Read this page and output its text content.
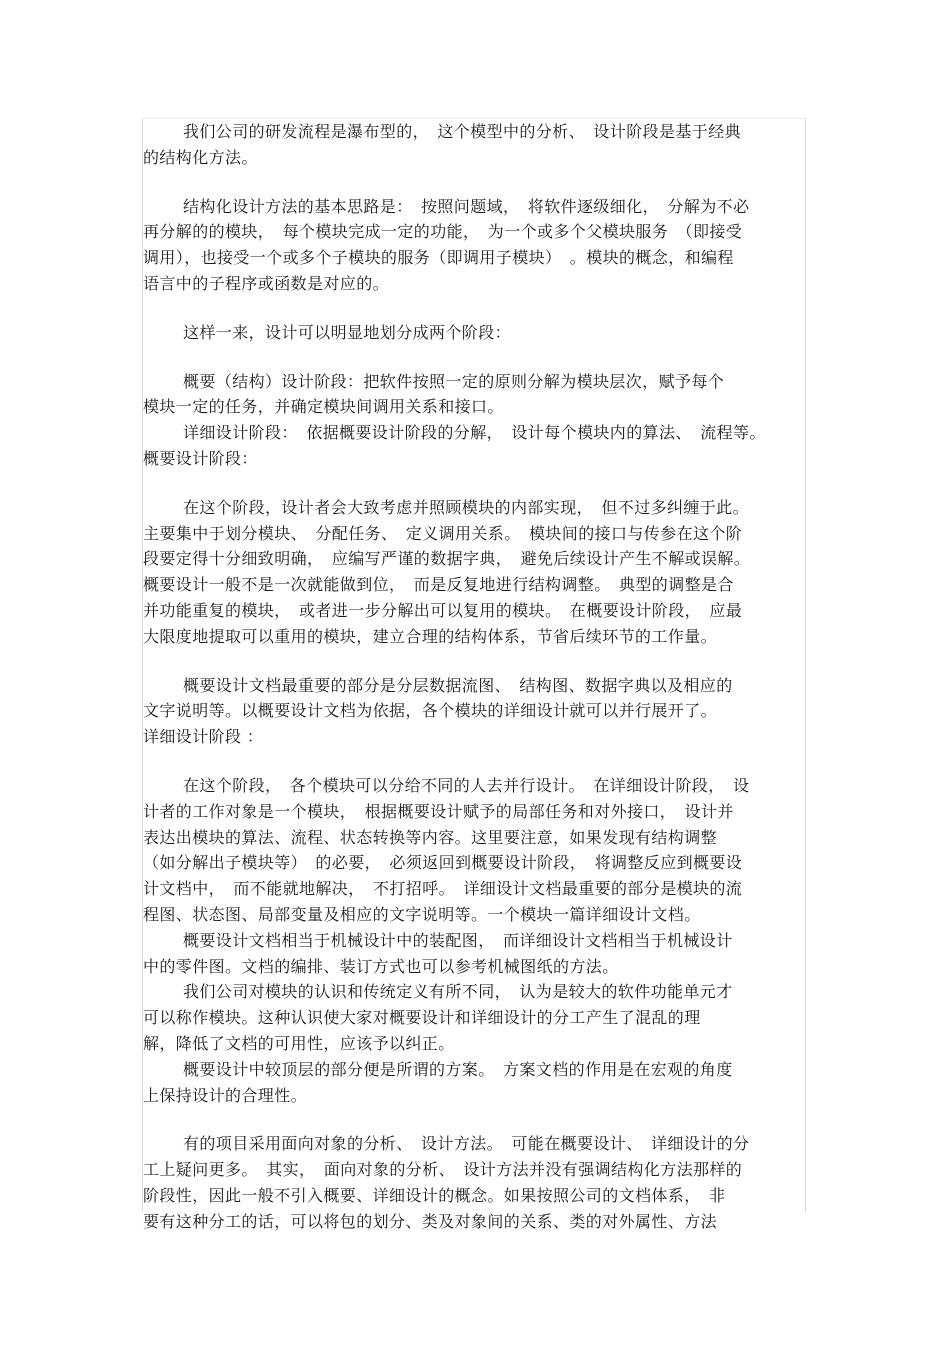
我们公司的研发流程是瀑布型的，　这个模型中的分析、　设计阶段是基于经典
的结构化方法。
结构化设计方法的基本思路是：　按照问题域，　将软件逐级细化，　分解为不必
再分解的的模块，　每个模块完成一定的功能，　为一个或多个父模块服务　（即接受
调用），也接受一个或多个子模块的服务（即调用子模块）　。模块的概念，和编程
语言中的子程序或函数是对应的。
这样一来，设计可以明显地划分成两个阶段：
概要（结构）设计阶段：把软件按照一定的原则分解为模块层次，赋予每个
模块一定的任务，并确定模块间调用关系和接口。
详细设计阶段：　依据概要设计阶段的分解，　设计每个模块内的算法、　流程等。
概要设计阶段：
在这个阶段，设计者会大致考虑并照顾模块的内部实现，　但不过多纠缠于此。
主要集中于划分模块、　分配任务、　定义调用关系。　模块间的接口与传参在这个阶
段要定得十分细致明确，　应编写严谨的数据字典，　避免后续设计产生不解或误解。
概要设计一般不是一次就能做到位，　而是反复地进行结构调整。　典型的调整是合
并功能重复的模块，　或者进一步分解出可以复用的模块。　在概要设计阶段，　应最
大限度地提取可以重用的模块，建立合理的结构体系，节省后续环节的工作量。
概要设计文档最重要的部分是分层数据流图、　结构图、数据字典以及相应的
文字说明等。以概要设计文档为依据，各个模块的详细设计就可以并行展开了。
详细设计阶段 ：
在这个阶段，　各个模块可以分给不同的人去并行设计。　在详细设计阶段，　设
计者的工作对象是一个模块，　根据概要设计赋予的局部任务和对外接口，　设计并
表达出模块的算法、流程、状态转换等内容。这里要注意，如果发现有结构调整
（如分解出子模块等）　的必要，　必须返回到概要设计阶段，　将调整反应到概要设
计文档中，　而不能就地解决，　不打招呼。　详细设计文档最重要的部分是模块的流
程图、状态图、局部变量及相应的文字说明等。一个模块一篇详细设计文档。
概要设计文档相当于机械设计中的装配图，　而详细设计文档相当于机械设计
中的零件图。文档的编排、装订方式也可以参考机械图纸的方法。
我们公司对模块的认识和传统定义有所不同，　认为是较大的软件功能单元才
可以称作模块。这种认识使大家对概要设计和详细设计的分工产生了混乱的理
解，降低了文档的可用性，应该予以纠正。
概要设计中较顶层的部分便是所谓的方案。　方案文档的作用是在宏观的角度
上保持设计的合理性。
有的项目采用面向对象的分析、　设计方法。　可能在概要设计、　详细设计的分
工上疑问更多。　其实，　面向对象的分析、　设计方法并没有强调结构化方法那样的
阶段性，因此一般不引入概要、详细设计的概念。如果按照公司的文档体系，　非
要有这种分工的话，可以将包的划分、类及对象间的关系、类的对外属性、方法
